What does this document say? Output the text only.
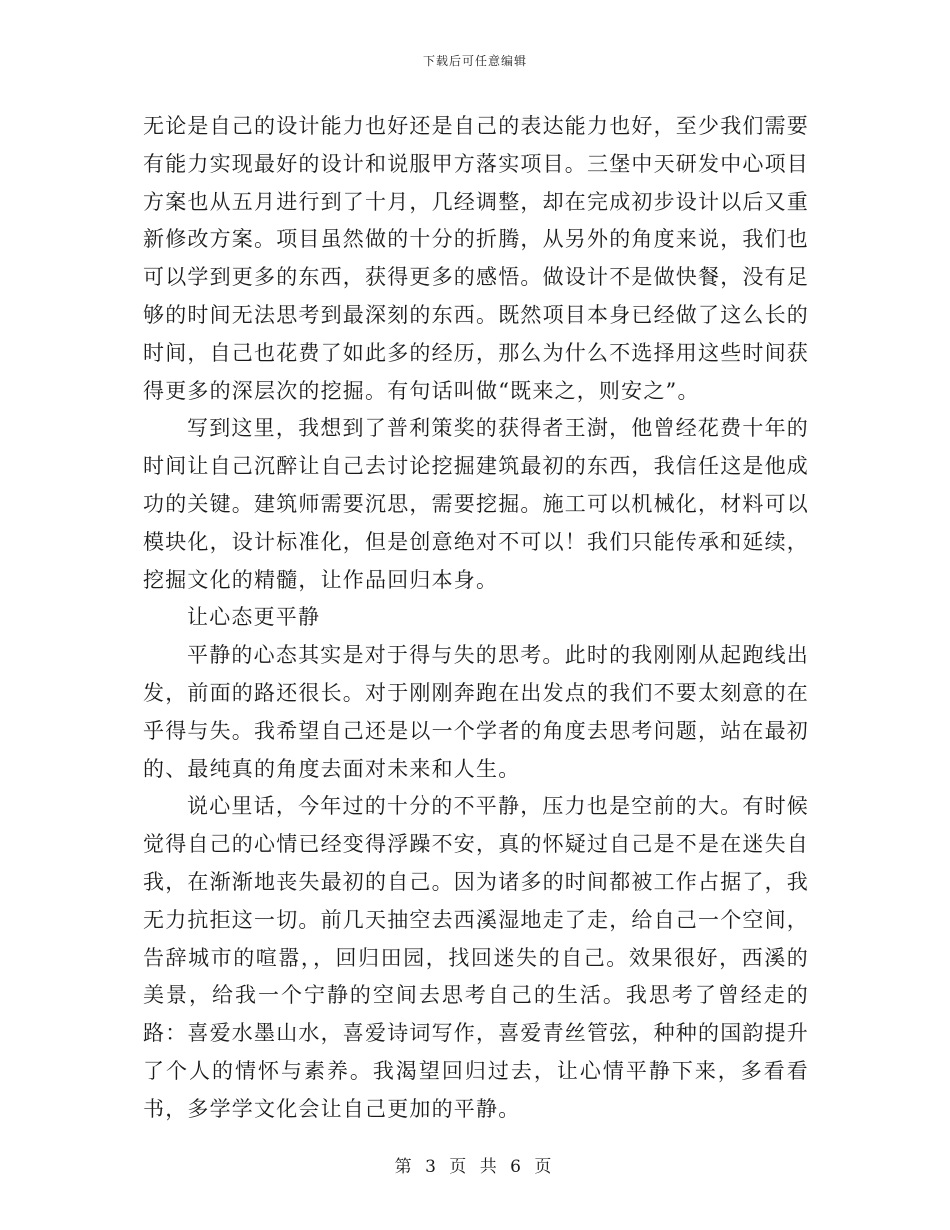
下载后可任意编辑

无论是自己的设计能力也好还是自己的表达能力也好，至少我们需要有能力实现最好的设计和说服甲方落实项目。三堡中天研发中心项目方案也从五月进行到了十月，几经调整，却在完成初步设计以后又重新修改方案。项目虽然做的十分的折腾，从另外的角度来说，我们也可以学到更多的东西，获得更多的感悟。做设计不是做快餐，没有足够的时间无法思考到最深刻的东西。既然项目本身已经做了这么长的时间，自己也花费了如此多的经历，那么为什么不选择用这些时间获得更多的深层次的挖掘。有句话叫做“既来之，则安之”。

写到这里，我想到了普利策奖的获得者王澍，他曾经花费十年的时间让自己沉醉让自己去讨论挖掘建筑最初的东西，我信任这是他成功的关键。建筑师需要沉思，需要挖掘。施工可以机械化，材料可以模块化，设计标准化，但是创意绝对不可以！我们只能传承和延续，挖掘文化的精髓，让作品回归本身。

让心态更平静

平静的心态其实是对于得与失的思考。此时的我刚刚从起跑线出发，前面的路还很长。对于刚刚奔跑在出发点的我们不要太刻意的在乎得与失。我希望自己还是以一个学者的角度去思考问题，站在最初的、最纯真的角度去面对未来和人生。

说心里话，今年过的十分的不平静，压力也是空前的大。有时候觉得自己的心情已经变得浮躁不安，真的怀疑过自己是不是在迷失自我，在渐渐地丧失最初的自己。因为诸多的时间都被工作占据了，我无力抗拒这一切。前几天抽空去西溪湿地走了走，给自己一个空间，告辞城市的喧嚣，，回归田园，找回迷失的自己。效果很好，西溪的美景，给我一个宁静的空间去思考自己的生活。我思考了曾经走的路：喜爱水墨山水，喜爱诗词写作，喜爱青丝管弦，种种的国韵提升了个人的情怀与素养。我渴望回归过去，让心情平静下来，多看看书，多学学文化会让自己更加的平静。

第 3 页 共 6 页
